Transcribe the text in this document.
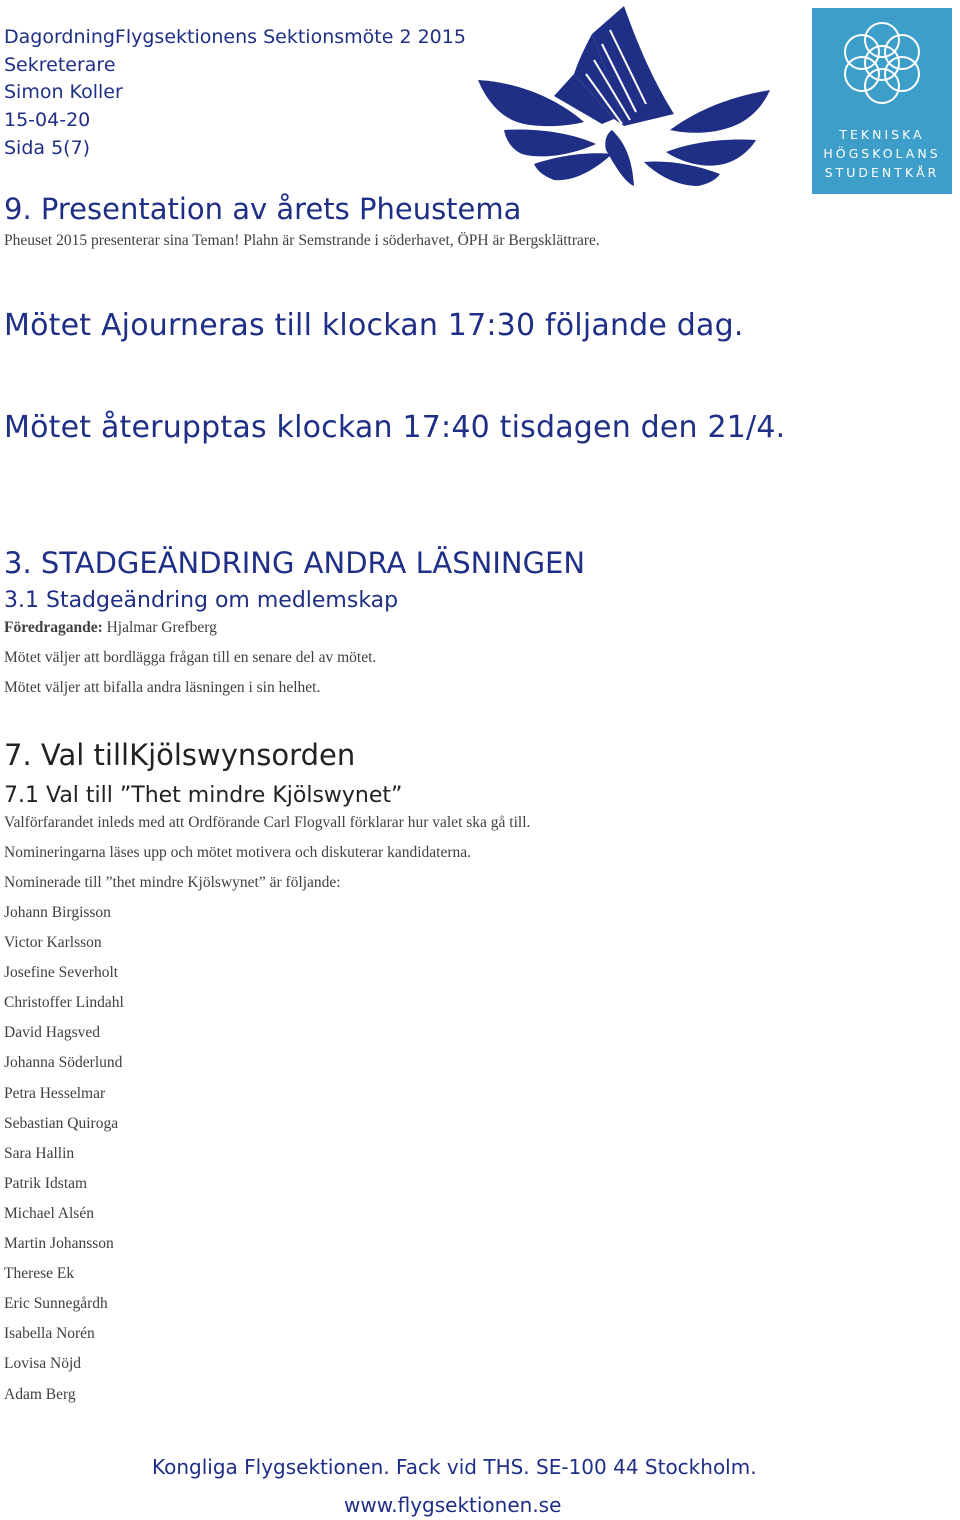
DagordningFlygsektionens Sektionsmöte 2 2015
Sekreterare
Simon Koller
15-04-20
Sida 5(7)
TEKNISKA
HÖGSKOLANS
STUDENTKÅR
9. Presentation av årets Pheustema
Pheuset 2015 presenterar sina Teman! Plahn är Semstrande i söderhavet, ÖPH är Bergsklättrare.
Mötet Ajourneras till klockan 17:30 följande dag.
Mötet återupptas klockan 17:40 tisdagen den 21/4.
3. STADGEÄNDRING ANDRA LÄSNINGEN
3.1 Stadgeändring om medlemskap
Föredragande: Hjalmar Grefberg
Mötet väljer att bordlägga frågan till en senare del av mötet.
Mötet väljer att bifalla andra läsningen i sin helhet.
7. Val tillKjölswynsorden
7.1 Val till ”Thet mindre Kjölswynet”
Valförfarandet inleds med att Ordförande Carl Flogvall förklarar hur valet ska gå till.
Nomineringarna läses upp och mötet motivera och diskuterar kandidaterna.
Nominerade till ”thet mindre Kjölswynet” är följande:
Johann Birgisson
Victor Karlsson
Josefine Severholt
Christoffer Lindahl
David Hagsved
Johanna Söderlund
Petra Hesselmar
Sebastian Quiroga
Sara Hallin
Patrik Idstam
Michael Alsén
Martin Johansson
Therese Ek
Eric Sunnegårdh
Isabella Norén
Lovisa Nöjd
Adam Berg
Kongliga Flygsektionen. Fack vid THS. SE-100 44 Stockholm.
www.flygsektionen.se
